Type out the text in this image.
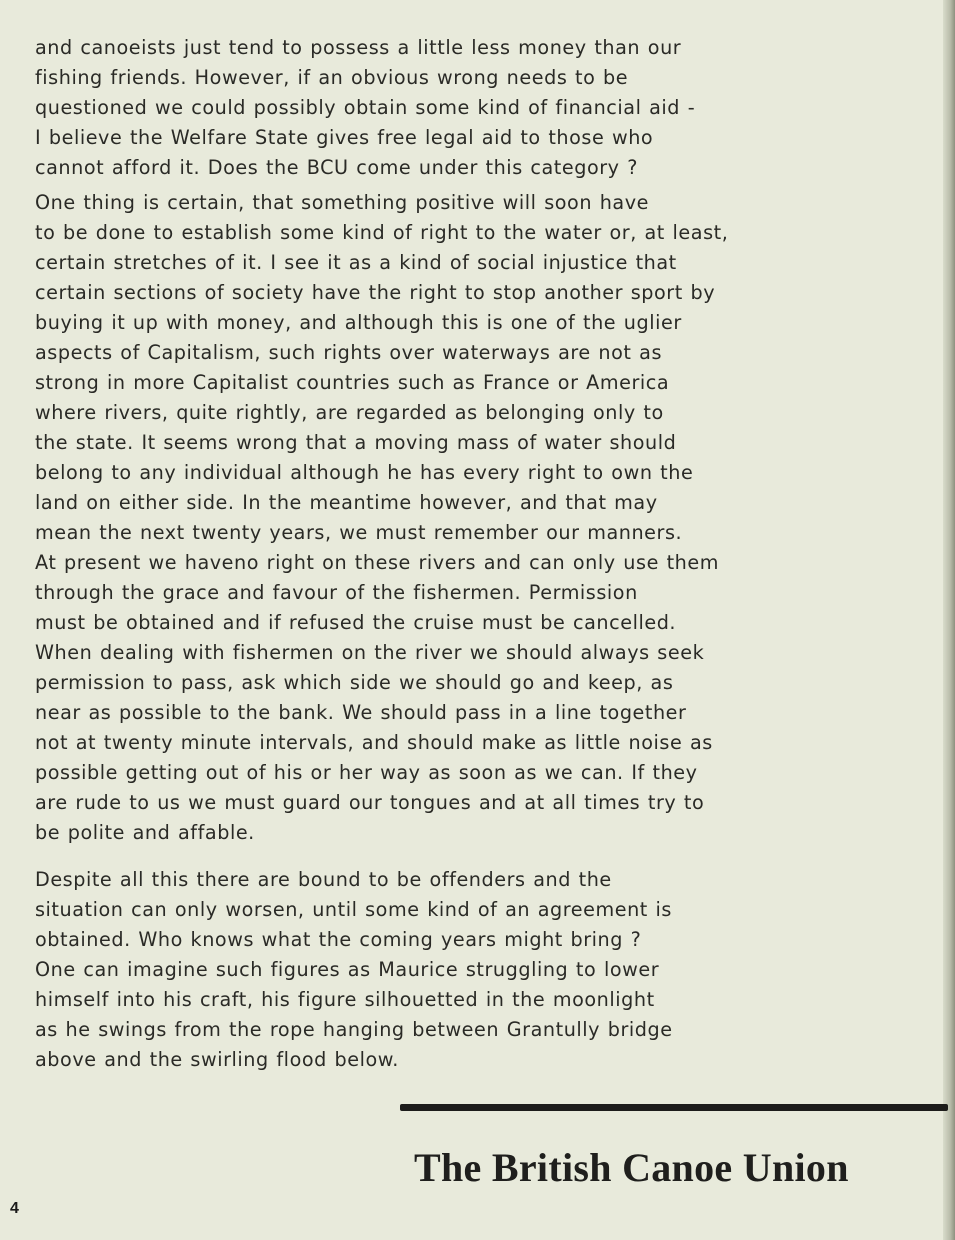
and canoeists just tend to possess a little less money than our
fishing friends. However, if an obvious wrong needs to be
questioned we could possibly obtain some kind of financial aid -
I believe the Welfare State gives free legal aid to those who
cannot afford it. Does the BCU come under this category ?

One thing is certain, that something positive will soon have
to be done to establish some kind of right to the water or, at least,
certain stretches of it. I see it as a kind of social injustice that
certain sections of society have the right to stop another sport by
buying it up with money, and although this is one of the uglier
aspects of Capitalism, such rights over waterways are not as
strong in more Capitalist countries such as France or America
where rivers, quite rightly, are regarded as belonging only to
the state. It seems wrong that a moving mass of water should
belong to any individual although he has every right to own the
land on either side. In the meantime however, and that may
mean the next twenty years, we must remember our manners.
At present we haveno right on these rivers and can only use them
through the grace and favour of the fishermen. Permission
must be obtained and if refused the cruise must be cancelled.
When dealing with fishermen on the river we should always seek
permission to pass, ask which side we should go and keep, as
near as possible to the bank. We should pass in a line together
not at twenty minute intervals, and should make as little noise as
possible getting out of his or her way as soon as we can. If they
are rude to us we must guard our tongues and at all times try to
be polite and affable.

Despite all this there are bound to be offenders and the
situation can only worsen, until some kind of an agreement is
obtained. Who knows what the coming years might bring ?
One can imagine such figures as Maurice struggling to lower
himself into his craft, his figure silhouetted in the moonlight
as he swings from the rope hanging between Grantully bridge
above and the swirling flood below.

The British Canoe Union
4
